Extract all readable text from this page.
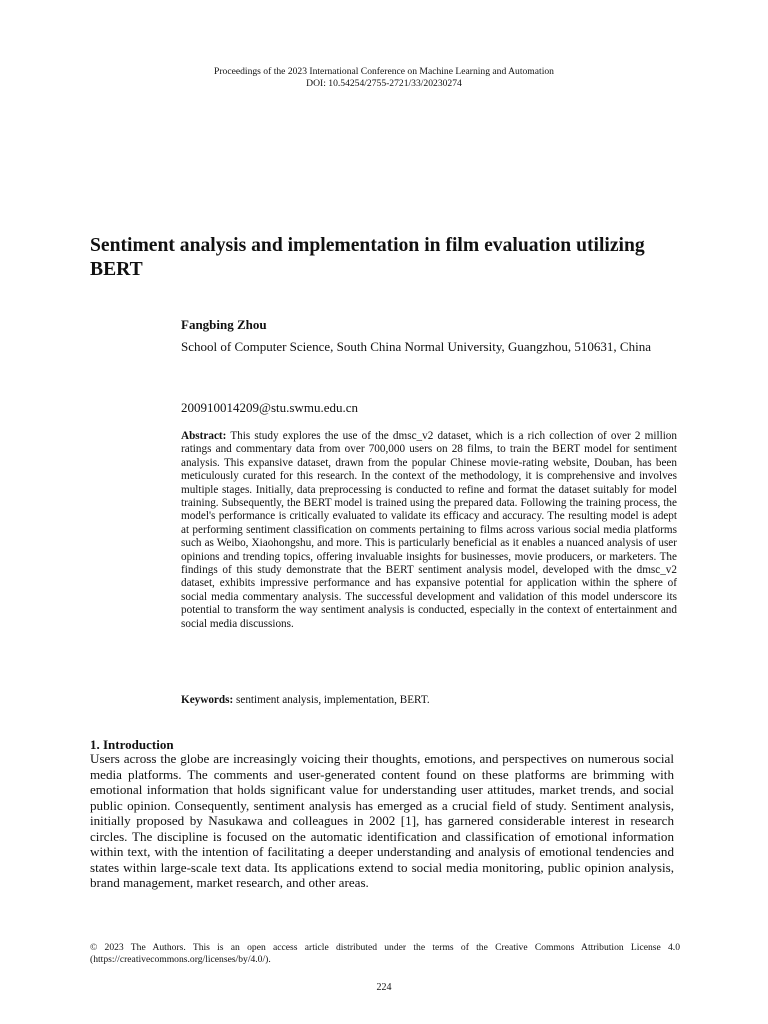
Proceedings of the 2023 International Conference on Machine Learning and Automation
DOI: 10.54254/2755-2721/33/20230274
Sentiment analysis and implementation in film evaluation utilizing BERT
Fangbing Zhou
School of Computer Science, South China Normal University, Guangzhou, 510631, China
200910014209@stu.swmu.edu.cn

Abstract: This study explores the use of the dmsc_v2 dataset, which is a rich collection of over 2 million ratings and commentary data from over 700,000 users on 28 films, to train the BERT model for sentiment analysis. This expansive dataset, drawn from the popular Chinese movie-rating website, Douban, has been meticulously curated for this research. In the context of the methodology, it is comprehensive and involves multiple stages. Initially, data preprocessing is conducted to refine and format the dataset suitably for model training. Subsequently, the BERT model is trained using the prepared data. Following the training process, the model's performance is critically evaluated to validate its efficacy and accuracy. The resulting model is adept at performing sentiment classification on comments pertaining to films across various social media platforms such as Weibo, Xiaohongshu, and more. This is particularly beneficial as it enables a nuanced analysis of user opinions and trending topics, offering invaluable insights for businesses, movie producers, or marketers. The findings of this study demonstrate that the BERT sentiment analysis model, developed with the dmsc_v2 dataset, exhibits impressive performance and has expansive potential for application within the sphere of social media commentary analysis. The successful development and validation of this model underscore its potential to transform the way sentiment analysis is conducted, especially in the context of entertainment and social media discussions.

Keywords: sentiment analysis, implementation, BERT.
1. Introduction

Users across the globe are increasingly voicing their thoughts, emotions, and perspectives on numerous social media platforms. The comments and user-generated content found on these platforms are brimming with emotional information that holds significant value for understanding user attitudes, market trends, and social public opinion. Consequently, sentiment analysis has emerged as a crucial field of study. Sentiment analysis, initially proposed by Nasukawa and colleagues in 2002 [1], has garnered considerable interest in research circles. The discipline is focused on the automatic identification and classification of emotional information within text, with the intention of facilitating a deeper understanding and analysis of emotional tendencies and states within large-scale text data. Its applications extend to social media monitoring, public opinion analysis, brand management, market research, and other areas.

© 2023 The Authors. This is an open access article distributed under the terms of the Creative Commons Attribution License 4.0 (https://creativecommons.org/licenses/by/4.0/).

224
